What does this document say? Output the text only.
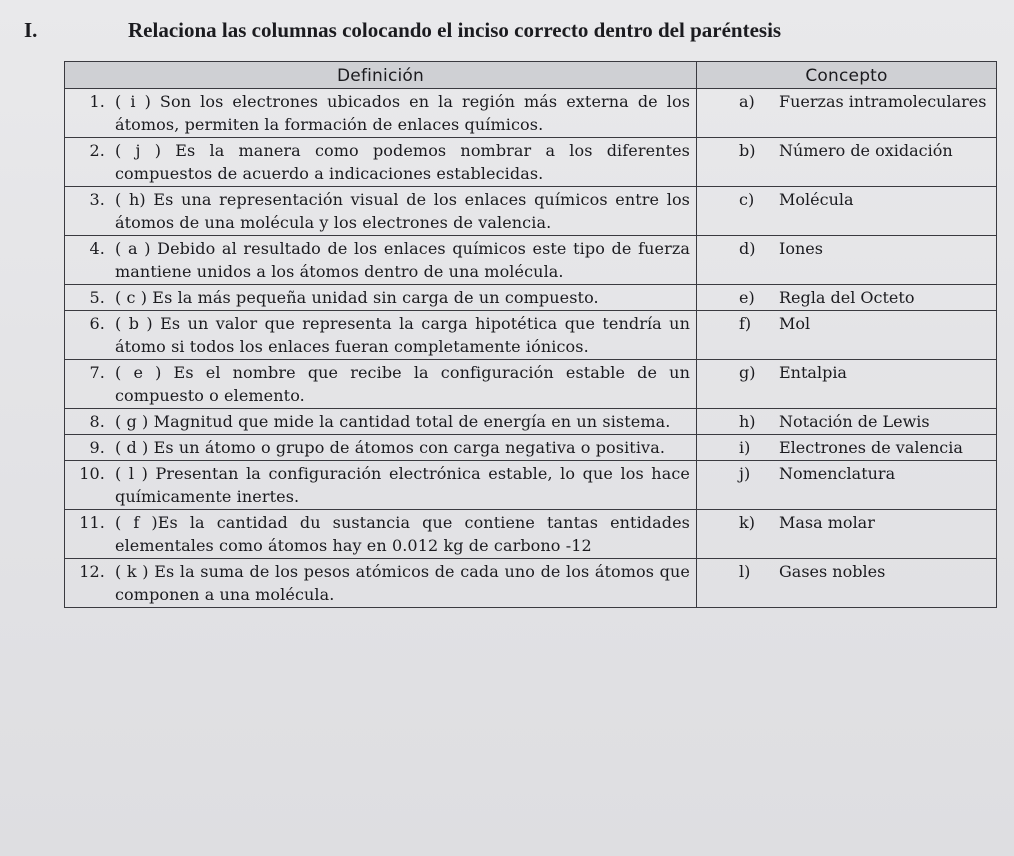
I.	Relaciona las columnas colocando el inciso correcto dentro del paréntesis
Definición	Concepto

1. ( i ) Son los electrones ubicados en la región más externa de los átomos, permiten la formación de enlaces químicos.	a) Fuerzas intramoleculares

2. ( j ) Es la manera como podemos nombrar a los diferentes compuestos de acuerdo a indicaciones establecidas.	b) Número de oxidación

3. ( h) Es una representación visual de los enlaces químicos entre los átomos de una molécula y los electrones de valencia.	c) Molécula

4. ( a ) Debido al resultado de los enlaces químicos este tipo de fuerza mantiene unidos a los átomos dentro de una molécula.	d) Iones

5. ( c ) Es la más pequeña unidad sin carga de un compuesto.	e) Regla del Octeto

6. ( b ) Es un valor que representa la carga hipotética que tendría un átomo si todos los enlaces fueran completamente iónicos.	f) Mol

7. ( e ) Es el nombre que recibe la configuración estable de un compuesto o elemento.	g) Entalpia

8. ( g ) Magnitud que mide la cantidad total de energía en un sistema.	h) Notación de Lewis

9. ( d ) Es un átomo o grupo de átomos con carga negativa o positiva.	i) Electrones de valencia

10. ( l ) Presentan la configuración electrónica estable, lo que los hace químicamente inertes.	j) Nomenclatura

11. ( f )Es la cantidad du sustancia que contiene tantas entidades elementales como átomos hay en 0.012 kg de carbono -12	k) Masa molar

12. ( k ) Es la suma de los pesos atómicos de cada uno de los átomos que componen a una molécula.	l) Gases nobles
